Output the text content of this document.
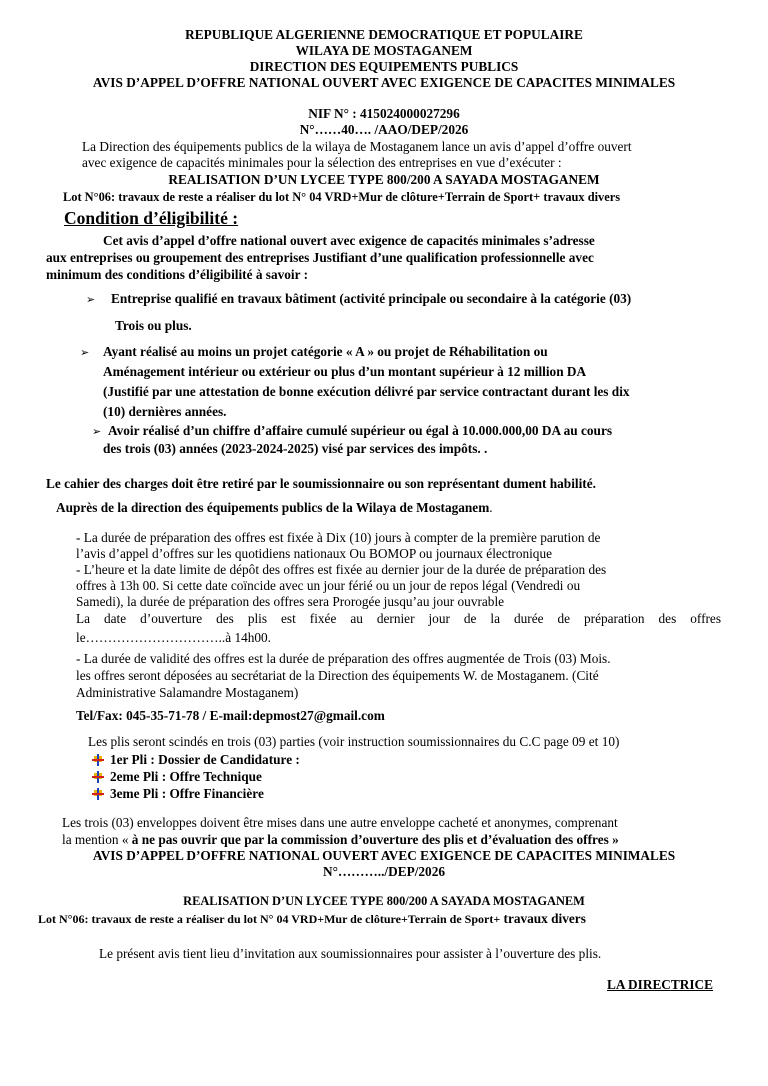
REPUBLIQUE ALGERIENNE DEMOCRATIQUE ET POPULAIRE
WILAYA DE MOSTAGANEM
DIRECTION DES EQUIPEMENTS PUBLICS
AVIS D’APPEL D’OFFRE NATIONAL OUVERT AVEC EXIGENCE DE CAPACITES MINIMALES
NIF N° : 415024000027296
N°……40…. /AAO/DEP/2026
La Direction des équipements publics de la wilaya de Mostaganem lance un avis d’appel d’offre ouvert
avec exigence de capacités minimales pour la sélection des entreprises en vue d’exécuter :
REALISATION D’UN LYCEE TYPE 800/200 A SAYADA MOSTAGANEM
Lot N°06: travaux de reste a réaliser du lot N° 04 VRD+Mur de clôture+Terrain de Sport+ travaux divers
Condition d’éligibilité :
Cet avis d’appel d’offre national ouvert avec exigence de capacités minimales s’adresse
aux entreprises ou groupement des entreprises Justifiant d’une qualification professionnelle avec
minimum des conditions d’éligibilité à savoir :
➢ Entreprise qualifié en travaux bâtiment (activité principale ou secondaire à la catégorie (03)
Trois ou plus.
➢ Ayant réalisé au moins un projet catégorie « A » ou projet de Réhabilitation ou
Aménagement intérieur ou extérieur ou plus d’un montant supérieur à 12 million DA
(Justifié par une attestation de bonne exécution délivré par service contractant durant les dix
(10) dernières années.
➢ Avoir réalisé d’un chiffre d’affaire cumulé supérieur ou égal à 10.000.000,00 DA au cours
des trois (03) années (2023-2024-2025) visé par services des impôts. .
Le cahier des charges doit être retiré par le soumissionnaire ou son représentant dument habilité.
Auprès de la direction des équipements publics de la Wilaya de Mostaganem.
- La durée de préparation des offres est fixée à Dix (10) jours à compter de la première parution de
l’avis d’appel d’offres sur les quotidiens nationaux Ou BOMOP ou journaux électronique
- L’heure et la date limite de dépôt des offres est fixée au dernier jour de la durée de préparation des
offres à 13h 00. Si cette date coïncide avec un jour férié ou un jour de repos légal (Vendredi ou
Samedi), la durée de préparation des offres sera Prorogée jusqu’au jour ouvrable
La date d’ouverture des plis est fixée au dernier jour de la durée de préparation des offres
le…………………………..à 14h00.
- La durée de validité des offres est la durée de préparation des offres augmentée de Trois (03) Mois.
les offres seront déposées au secrétariat de la Direction des équipements W. de Mostaganem. (Cité
Administrative Salamandre Mostaganem)
Tel/Fax: 045-35-71-78 / E-mail:depmost27@gmail.com
Les plis seront scindés en trois (03) parties (voir instruction soumissionnaires du C.C page 09 et 10)
1er Pli : Dossier de Candidature :
2eme Pli : Offre Technique
3eme Pli : Offre Financière
Les trois (03) enveloppes doivent être mises dans une autre enveloppe cacheté et anonymes, comprenant
la mention « à ne pas ouvrir que par la commission d’ouverture des plis et d’évaluation des offres »
AVIS D’APPEL D’OFFRE NATIONAL OUVERT AVEC EXIGENCE DE CAPACITES MINIMALES
N°………../DEP/2026
REALISATION D’UN LYCEE TYPE 800/200 A SAYADA MOSTAGANEM
Lot N°06: travaux de reste a réaliser du lot N° 04 VRD+Mur de clôture+Terrain de Sport+ travaux divers
Le présent avis tient lieu d’invitation aux soumissionnaires pour assister à l’ouverture des plis.
LA DIRECTRICE
